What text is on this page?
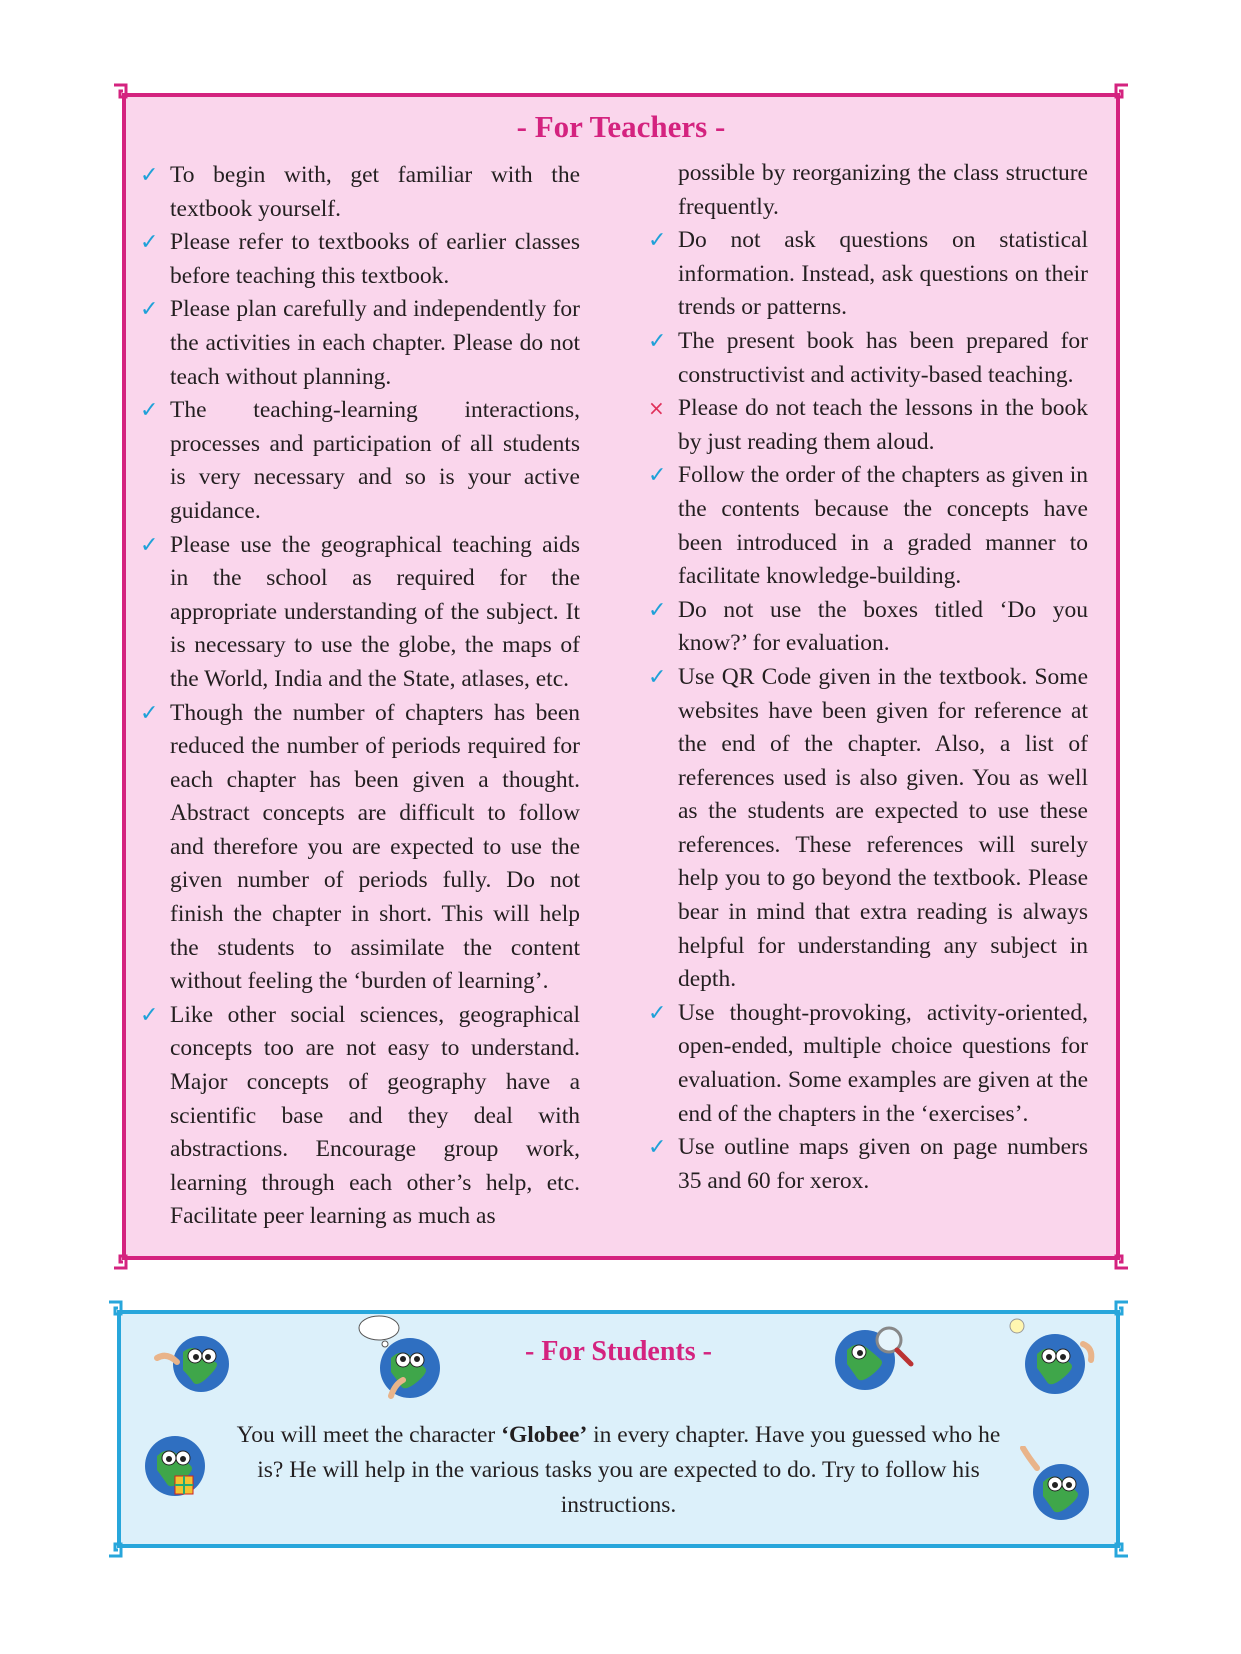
- For Teachers -
✓ To begin with, get familiar with the textbook yourself.
✓ Please refer to textbooks of earlier classes before teaching this textbook.
✓ Please plan carefully and independently for the activities in each chapter. Please do not teach without planning.
✓ The teaching-learning interactions, processes and participation of all students is very necessary and so is your active guidance.
✓ Please use the geographical teaching aids in the school as required for the appropriate understanding of the subject. It is necessary to use the globe, the maps of the World, India and the State, atlases, etc.
✓ Though the number of chapters has been reduced the number of periods required for each chapter has been given a thought. Abstract concepts are difficult to follow and therefore you are expected to use the given number of periods fully. Do not finish the chapter in short. This will help the students to assimilate the content without feeling the ‘burden of learning’.
✓ Like other social sciences, geographical concepts too are not easy to understand. Major concepts of geography have a scientific base and they deal with abstractions. Encourage group work, learning through each other’s help, etc. Facilitate peer learning as much as
possible by reorganizing the class structure frequently.
✓ Do not ask questions on statistical information. Instead, ask questions on their trends or patterns.
✓ The present book has been prepared for constructivist and activity-based teaching.
× Please do not teach the lessons in the book by just reading them aloud.
✓ Follow the order of the chapters as given in the contents because the concepts have been introduced in a graded manner to facilitate knowledge-building.
✓ Do not use the boxes titled ‘Do you know?’ for evaluation.
✓ Use QR Code given in the textbook. Some websites have been given for reference at the end of the chapter. Also, a list of references used is also given. You as well as the students are expected to use these references. These references will surely help you to go beyond the textbook. Please bear in mind that extra reading is always helpful for understanding any subject in depth.
✓ Use thought-provoking, activity-oriented, open-ended, multiple choice questions for evaluation. Some examples are given at the end of the chapters in the ‘exercises’.
✓ Use outline maps given on page numbers 35 and 60 for xerox.
- For Students -

You will meet the character ‘Globee’ in every chapter. Have you guessed who he is? He will help in the various tasks you are expected to do. Try to follow his instructions.
